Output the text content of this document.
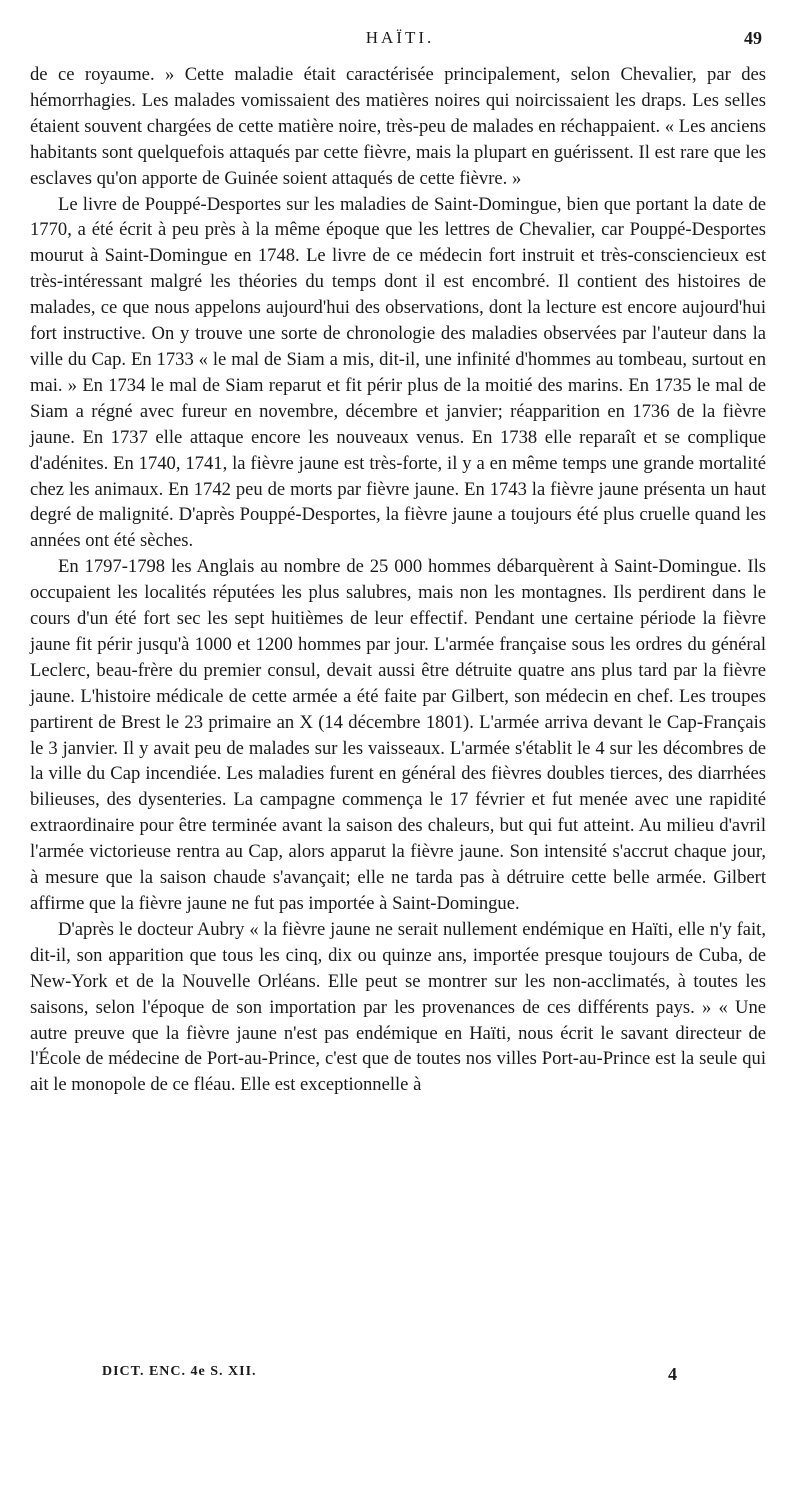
HAÏTI.	49

de ce royaume. » Cette maladie était caractérisée principalement, selon Chevalier, par des hémorrhagies. Les malades vomissaient des matières noires qui noircissaient les draps. Les selles étaient souvent chargées de cette matière noire, très-peu de malades en réchappaient. « Les anciens habitants sont quelquefois attaqués par cette fièvre, mais la plupart en guérissent. Il est rare que les esclaves qu'on apporte de Guinée soient attaqués de cette fièvre. »

Le livre de Pouppé-Desportes sur les maladies de Saint-Domingue, bien que portant la date de 1770, a été écrit à peu près à la même époque que les lettres de Chevalier, car Pouppé-Desportes mourut à Saint-Domingue en 1748. Le livre de ce médecin fort instruit et très-consciencieux est très-intéressant malgré les théories du temps dont il est encombré. Il contient des histoires de malades, ce que nous appelons aujourd'hui des observations, dont la lecture est encore aujourd'hui fort instructive. On y trouve une sorte de chronologie des maladies observées par l'auteur dans la ville du Cap. En 1733 « le mal de Siam a mis, dit-il, une infinité d'hommes au tombeau, surtout en mai. » En 1734 le mal de Siam reparut et fit périr plus de la moitié des marins. En 1735 le mal de Siam a régné avec fureur en novembre, décembre et janvier; réapparition en 1736 de la fièvre jaune. En 1737 elle attaque encore les nouveaux venus. En 1738 elle reparaît et se complique d'adénites. En 1740, 1741, la fièvre jaune est très-forte, il y a en même temps une grande mortalité chez les animaux. En 1742 peu de morts par fièvre jaune. En 1743 la fièvre jaune présenta un haut degré de malignité. D'après Pouppé-Desportes, la fièvre jaune a toujours été plus cruelle quand les années ont été sèches.

En 1797-1798 les Anglais au nombre de 25 000 hommes débarquèrent à Saint-Domingue. Ils occupaient les localités réputées les plus salubres, mais non les montagnes. Ils perdirent dans le cours d'un été fort sec les sept huitièmes de leur effectif. Pendant une certaine période la fièvre jaune fit périr jusqu'à 1000 et 1200 hommes par jour. L'armée française sous les ordres du général Leclerc, beau-frère du premier consul, devait aussi être détruite quatre ans plus tard par la fièvre jaune. L'histoire médicale de cette armée a été faite par Gilbert, son médecin en chef. Les troupes partirent de Brest le 23 primaire an X (14 décembre 1801). L'armée arriva devant le Cap-Français le 3 janvier. Il y avait peu de malades sur les vaisseaux. L'armée s'établit le 4 sur les décombres de la ville du Cap incendiée. Les maladies furent en général des fièvres doubles tierces, des diarrhées bilieuses, des dysenteries. La campagne commença le 17 février et fut menée avec une rapidité extraordinaire pour être terminée avant la saison des chaleurs, but qui fut atteint. Au milieu d'avril l'armée victorieuse rentra au Cap, alors apparut la fièvre jaune. Son intensité s'accrut chaque jour, à mesure que la saison chaude s'avançait; elle ne tarda pas à détruire cette belle armée. Gilbert affirme que la fièvre jaune ne fut pas importée à Saint-Domingue.

D'après le docteur Aubry « la fièvre jaune ne serait nullement endémique en Haïti, elle n'y fait, dit-il, son apparition que tous les cinq, dix ou quinze ans, importée presque toujours de Cuba, de New-York et de la Nouvelle Orléans. Elle peut se montrer sur les non-acclimatés, à toutes les saisons, selon l'époque de son importation par les provenances de ces différents pays. » « Une autre preuve que la fièvre jaune n'est pas endémique en Haïti, nous écrit le savant directeur de l'École de médecine de Port-au-Prince, c'est que de toutes nos villes Port-au-Prince est la seule qui ait le monopole de ce fléau. Elle est exceptionnelle à

DICT. ENC. 4e S. XII.	4
